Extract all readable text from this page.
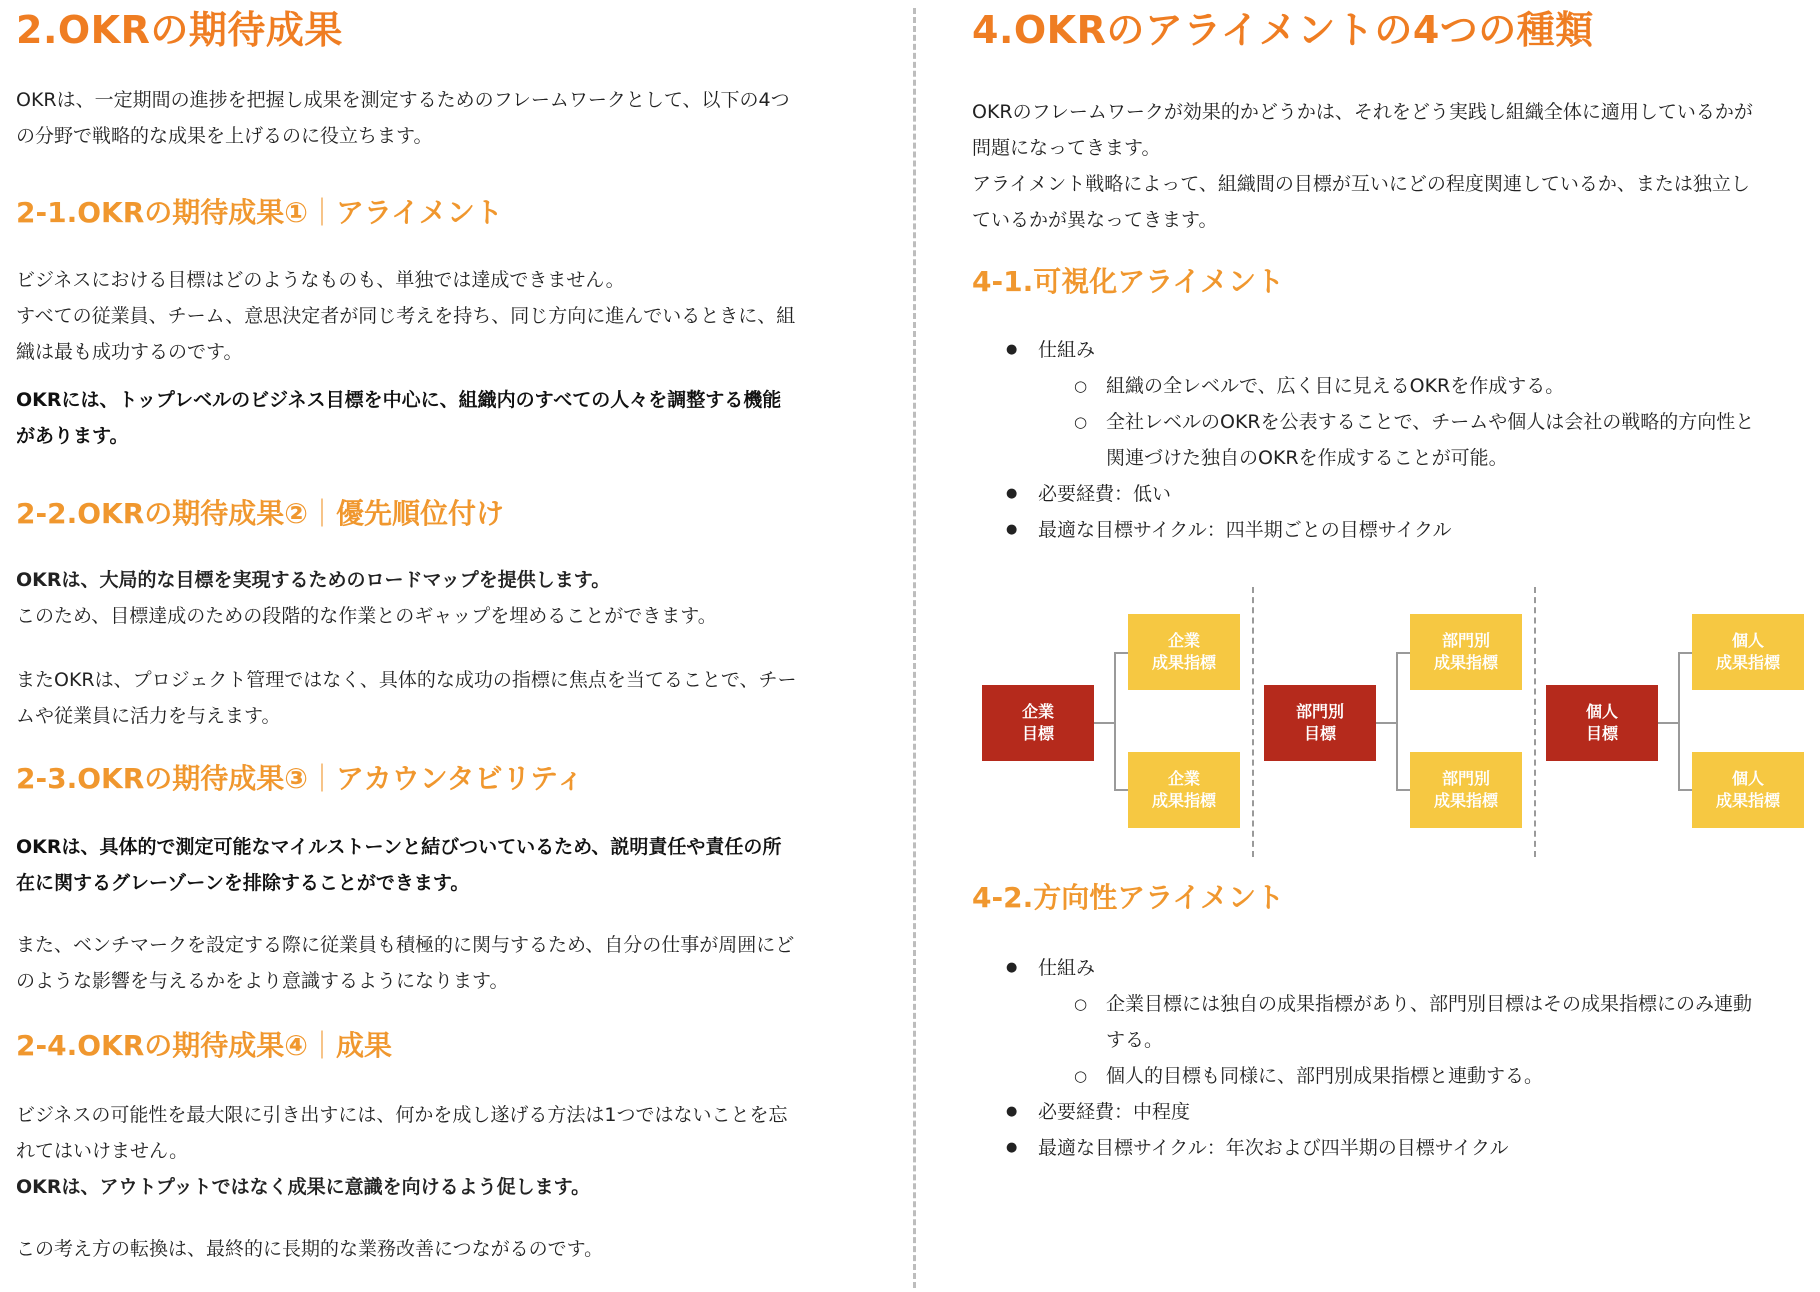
2.OKRの期待成果

OKRは、一定期間の進捗を把握し成果を測定するためのフレームワークとして、以下の4つ
の分野で戦略的な成果を上げるのに役立ちます。

2-1.OKRの期待成果①｜アライメント

ビジネスにおける目標はどのようなものも、単独では達成できません。
すべての従業員、チーム、意思決定者が同じ考えを持ち、同じ方向に進んでいるときに、組
織は最も成功するのです。

OKRには、トップレベルのビジネス目標を中心に、組織内のすべての人々を調整する機能
があります。

2-2.OKRの期待成果②｜優先順位付け

OKRは、大局的な目標を実現するためのロードマップを提供します。
このため、目標達成のための段階的な作業とのギャップを埋めることができます。

またOKRは、プロジェクト管理ではなく、具体的な成功の指標に焦点を当てることで、チー
ムや従業員に活力を与えます。

2-3.OKRの期待成果③｜アカウンタビリティ

OKRは、具体的で測定可能なマイルストーンと結びついているため、説明責任や責任の所
在に関するグレーゾーンを排除することができます。

また、ベンチマークを設定する際に従業員も積極的に関与するため、自分の仕事が周囲にど
のような影響を与えるかをより意識するようになります。

2-4.OKRの期待成果④｜成果

ビジネスの可能性を最大限に引き出すには、何かを成し遂げる方法は1つではないことを忘
れてはいけません。
OKRは、アウトプットではなく成果に意識を向けるよう促します。

この考え方の転換は、最終的に長期的な業務改善につながるのです。

4.OKRのアライメントの4つの種類

OKRのフレームワークが効果的かどうかは、それをどう実践し組織全体に適用しているかが
問題になってきます。
アライメント戦略によって、組織間の目標が互いにどの程度関連しているか、または独立し
ているかが異なってきます。

4-1.可視化アライメント
● 仕組み
○ 組織の全レベルで、広く目に見えるOKRを作成する。
○ 全社レベルのOKRを公表することで、チームや個人は会社の戦略的方向性と
関連づけた独自のOKRを作成することが可能。
● 必要経費：低い
● 最適な目標サイクル：四半期ごとの目標サイクル
企業
目標
企業
成果指標
企業
成果指標
部門別
目標
部門別
成果指標
部門別
成果指標
個人
目標
個人
成果指標
個人
成果指標
4-2.方向性アライメント
● 仕組み
○ 企業目標には独自の成果指標があり、部門別目標はその成果指標にのみ連動
する。
○ 個人的目標も同様に、部門別成果指標と連動する。
● 必要経費：中程度
● 最適な目標サイクル：年次および四半期の目標サイクル
